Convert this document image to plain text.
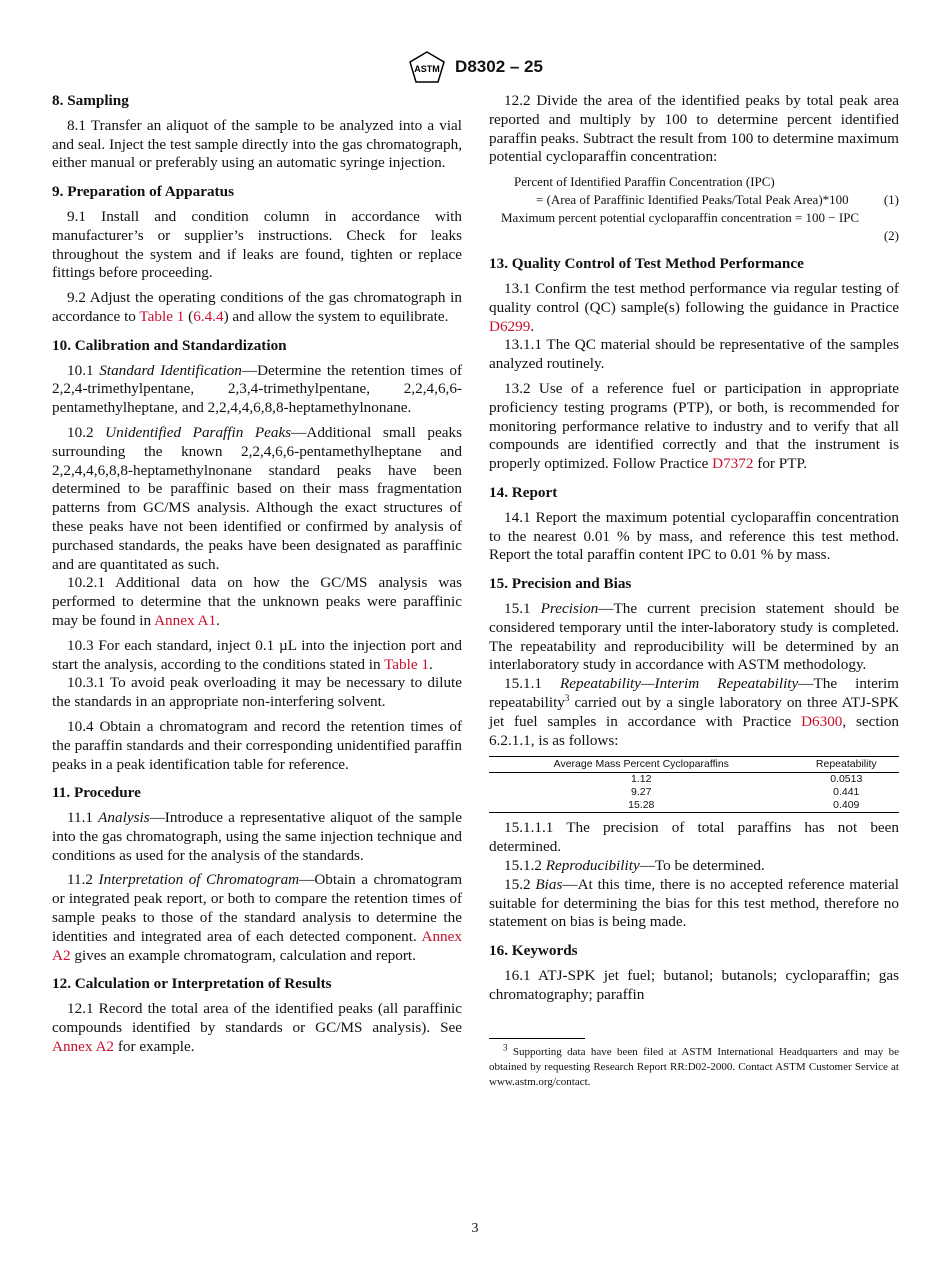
ASTM D8302 – 25
8. Sampling

8.1 Transfer an aliquot of the sample to be analyzed into a vial and seal. Inject the test sample directly into the gas chromatograph, either manual or preferably using an automatic syringe injection.

9. Preparation of Apparatus

9.1 Install and condition column in accordance with manufacturer’s or supplier’s instructions. Check for leaks throughout the system and if leaks are found, tighten or replace fittings before proceeding.

9.2 Adjust the operating conditions of the gas chromatograph in accordance to Table 1 (6.4.4) and allow the system to equilibrate.

10. Calibration and Standardization

10.1 Standard Identification—Determine the retention times of 2,2,4-trimethylpentane, 2,3,4-trimethylpentane, 2,2,4,6,6-pentamethylheptane, and 2,2,4,4,6,8,8-heptamethylnonane.

10.2 Unidentified Paraffin Peaks—Additional small peaks surrounding the known 2,2,4,6,6-pentamethylheptane and 2,2,4,4,6,8,8-heptamethylnonane standard peaks have been determined to be paraffinic based on their mass fragmentation patterns from GC/MS analysis. Although the exact structures of these peaks have not been identified or confirmed by analysis of purchased standards, the peaks have been designated as paraffinic and are quantitated as such.

10.2.1 Additional data on how the GC/MS analysis was performed to determine that the unknown peaks were paraffinic may be found in Annex A1.

10.3 For each standard, inject 0.1 µL into the injection port and start the analysis, according to the conditions stated in Table 1.

10.3.1 To avoid peak overloading it may be necessary to dilute the standards in an appropriate non-interfering solvent.

10.4 Obtain a chromatogram and record the retention times of the paraffin standards and their corresponding unidentified paraffin peaks in a peak identification table for reference.

11. Procedure

11.1 Analysis—Introduce a representative aliquot of the sample into the gas chromatograph, using the same injection technique and conditions as used for the analysis of the standards.

11.2 Interpretation of Chromatogram—Obtain a chromatogram or integrated peak report, or both to compare the retention times of sample peaks to those of the standard analysis to determine the identities and integrated area of each detected component. Annex A2 gives an example chromatogram, calculation and report.

12. Calculation or Interpretation of Results

12.1 Record the total area of the identified peaks (all paraffinic compounds identified by standards or GC/MS analysis). See Annex A2 for example.

12.2 Divide the area of the identified peaks by total peak area reported and multiply by 100 to determine percent identified paraffin peaks. Subtract the result from 100 to determine maximum potential cycloparaffin concentration:

Percent of Identified Paraffin Concentration (IPC)
= (Area of Paraffinic Identified Peaks/Total Peak Area)*100	(1)
Maximum percent potential cycloparaffin concentration = 100 − IPC
(2)
13. Quality Control of Test Method Performance

13.1 Confirm the test method performance via regular testing of quality control (QC) sample(s) following the guidance in Practice D6299.

13.1.1 The QC material should be representative of the samples analyzed routinely.

13.2 Use of a reference fuel or participation in appropriate proficiency testing programs (PTP), or both, is recommended for monitoring performance relative to industry and to verify that all compounds are identified correctly and that the instrument is properly optimized. Follow Practice D7372 for PTP.

14. Report

14.1 Report the maximum potential cycloparaffin concentration to the nearest 0.01 % by mass, and reference this test method. Report the total paraffin content IPC to 0.01 % by mass.

15. Precision and Bias

15.1 Precision—The current precision statement should be considered temporary until the inter-laboratory study is completed. The repeatability and reproducibility will be determined by an interlaboratory study in accordance with ASTM methodology.

15.1.1 Repeatability—Interim Repeatability—The interim repeatability$^3$ carried out by a single laboratory on three ATJ-SPK jet fuel samples in accordance with Practice D6300, section 6.2.1.1, is as follows:

Average Mass Percent Cycloparaffins	Repeatability
1.12	0.0513
9.27	0.441
15.28	0.409

15.1.1.1 The precision of total paraffins has not been determined.

15.1.2 Reproducibility—To be determined.

15.2 Bias—At this time, there is no accepted reference material suitable for determining the bias for this test method, therefore no statement on bias is being made.

16. Keywords

16.1 ATJ-SPK jet fuel; butanol; butanols; cycloparaffin; gas chromatography; paraffin

$^3$ Supporting data have been filed at ASTM International Headquarters and may be obtained by requesting Research Report RR:D02-2000. Contact ASTM Customer Service at www.astm.org/contact.

3
